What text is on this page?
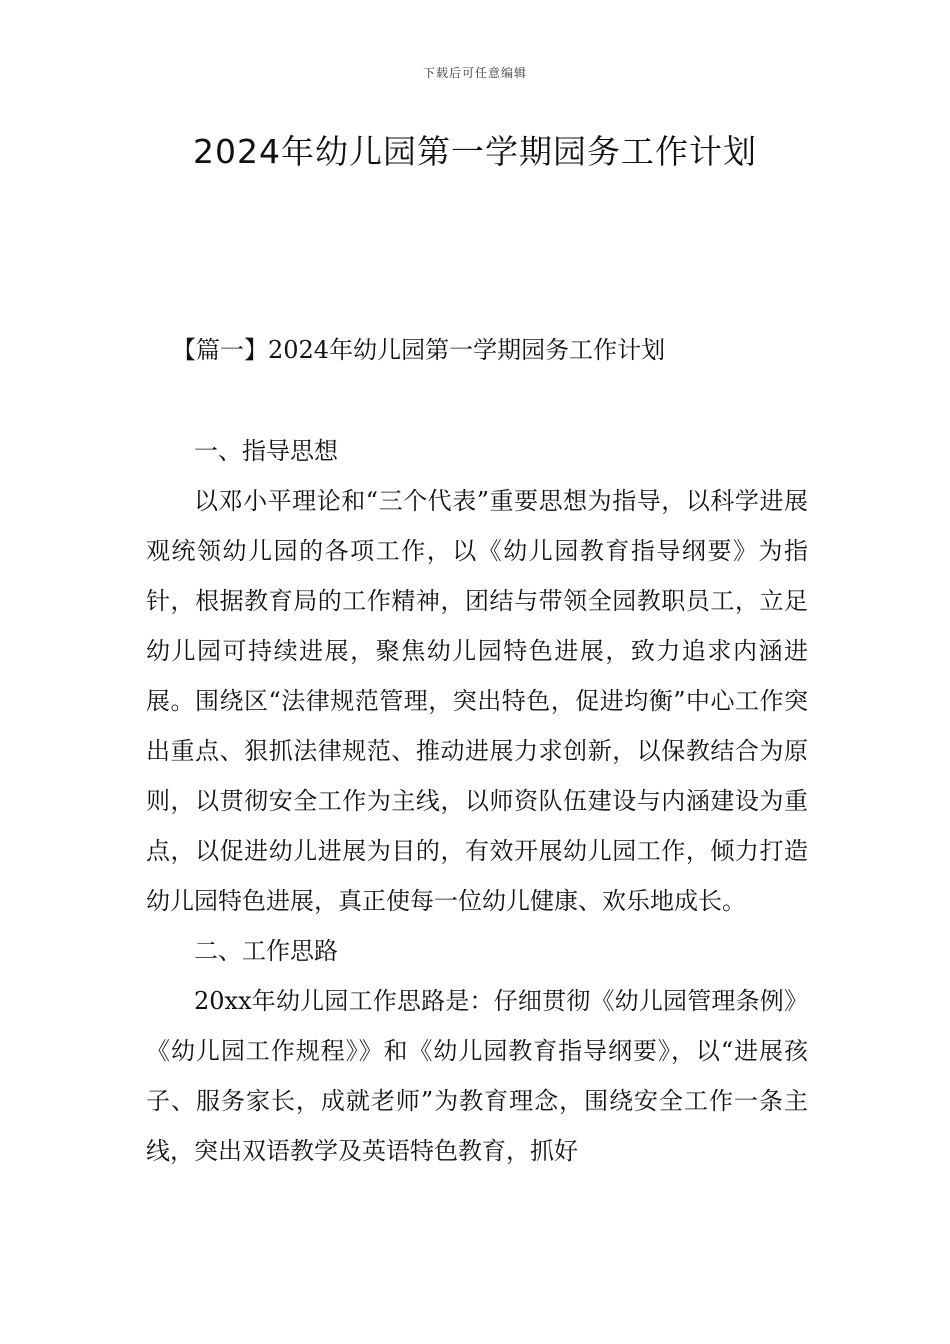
下载后可任意编辑
2024年幼儿园第一学期园务工作计划
【篇一】2024年幼儿园第一学期园务工作计划

一、指导思想

以邓小平理论和“三个代表”重要思想为指导，以科学进展观统领幼儿园的各项工作，以《幼儿园教育指导纲要》为指针，根据教育局的工作精神，团结与带领全园教职员工，立足幼儿园可持续进展，聚焦幼儿园特色进展，致力追求内涵进展。围绕区“法律规范管理，突出特色，促进均衡”中心工作突出重点、狠抓法律规范、推动进展力求创新，以保教结合为原则，以贯彻安全工作为主线，以师资队伍建设与内涵建设为重点，以促进幼儿进展为目的，有效开展幼儿园工作，倾力打造幼儿园特色进展，真正使每一位幼儿健康、欢乐地成长。

二、工作思路

20xx年幼儿园工作思路是：仔细贯彻《幼儿园管理条例》《幼儿园工作规程》》和《幼儿园教育指导纲要》，以“进展孩子、服务家长，成就老师”为教育理念，围绕安全工作一条主线，突出双语教学及英语特色教育，抓好
